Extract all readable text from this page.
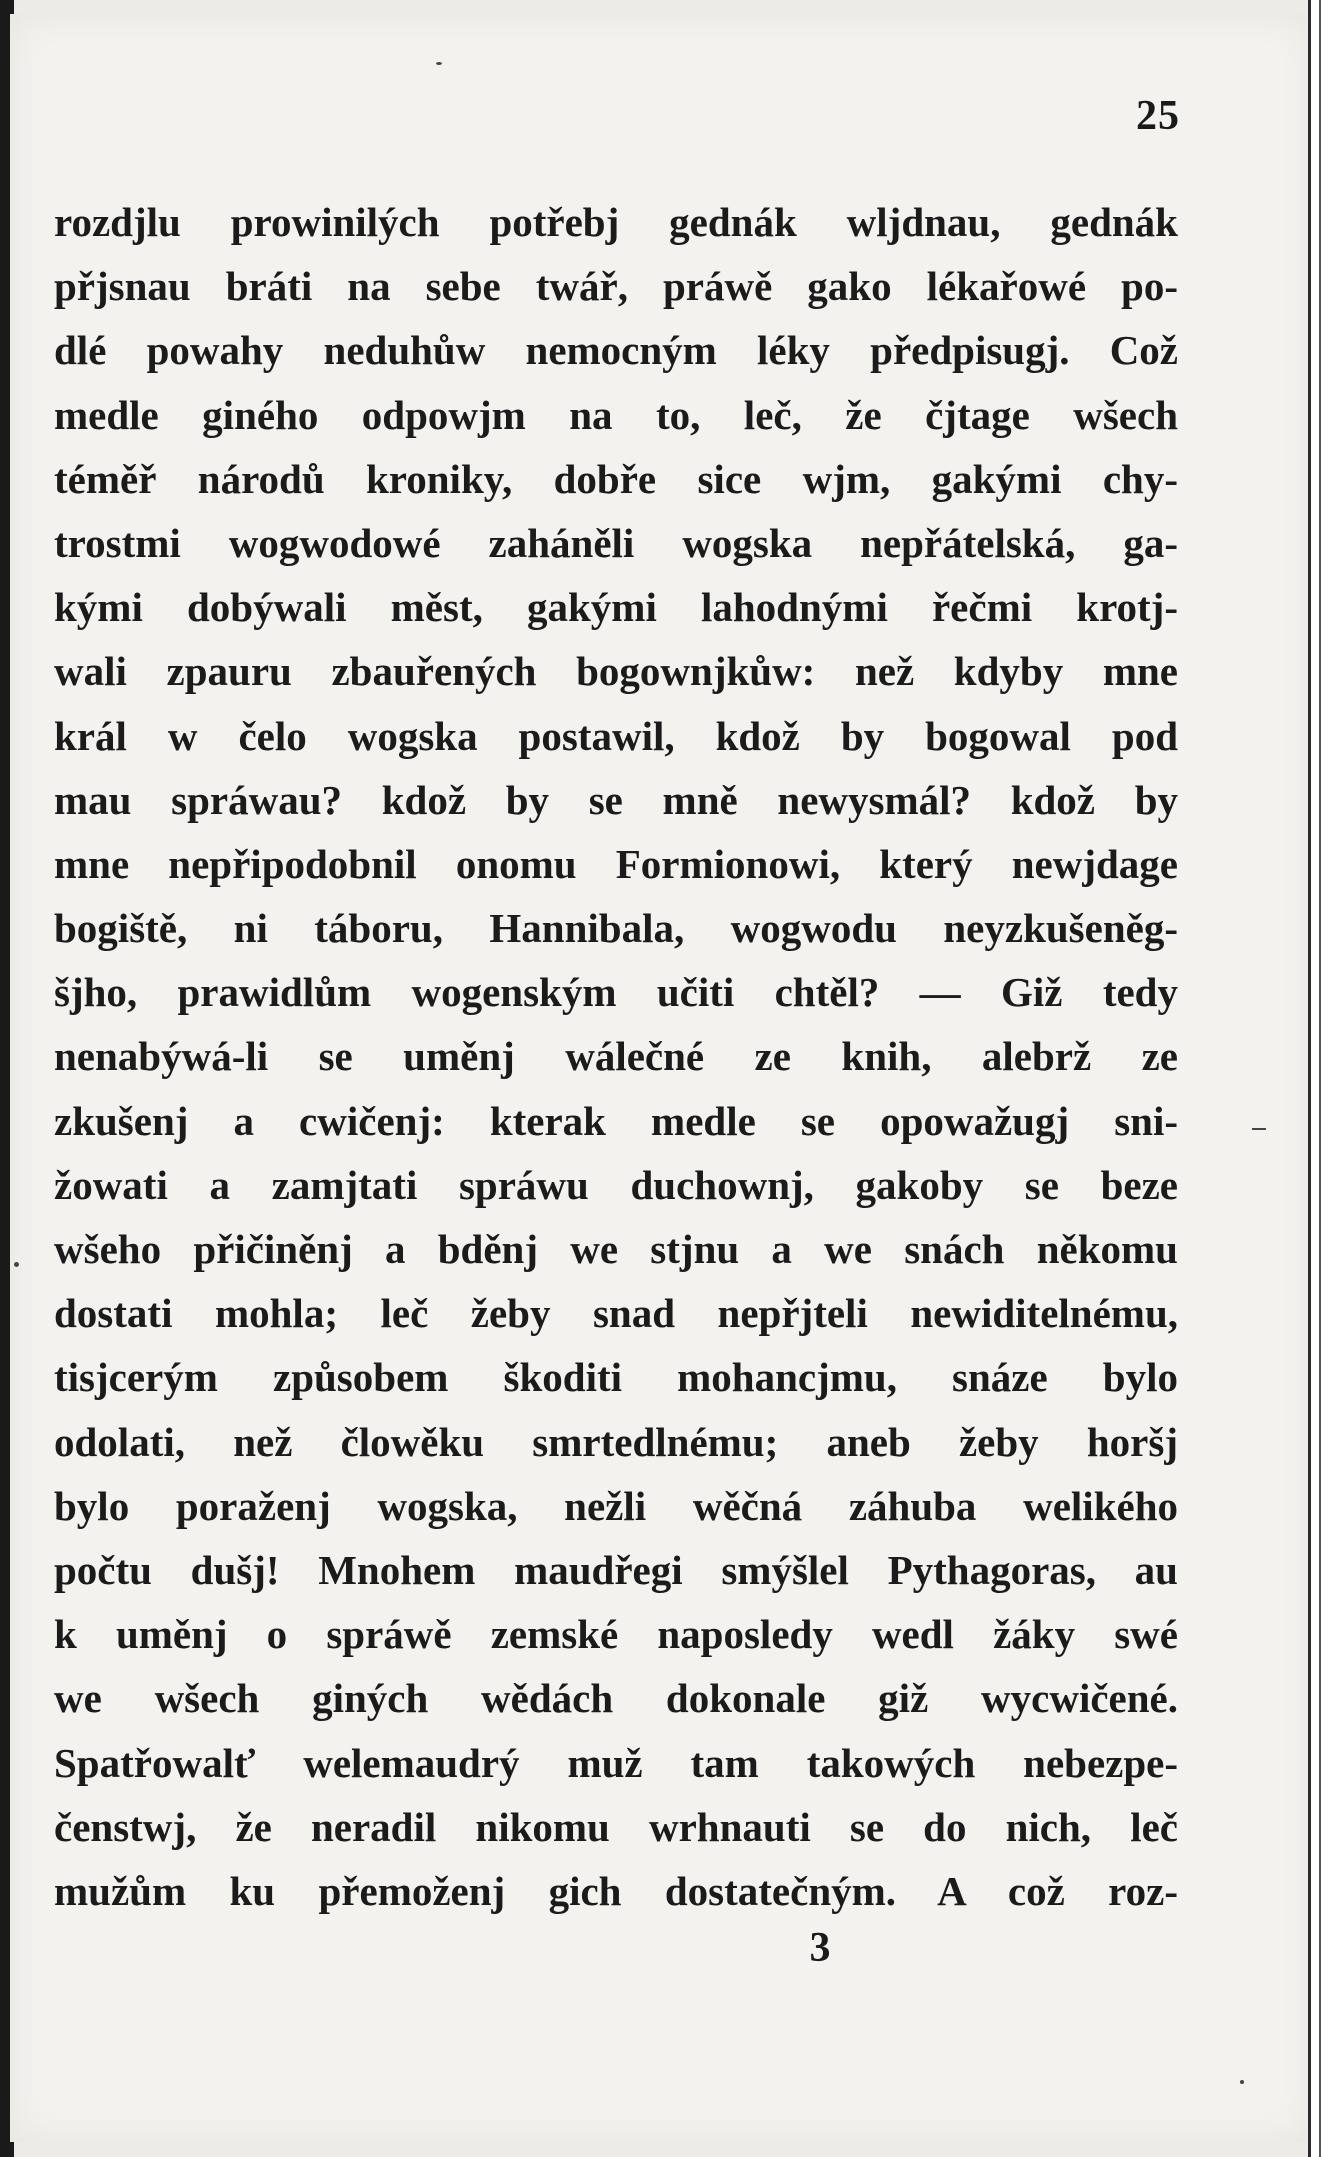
25
rozdjlu prowinilých potřebj gednák wljdnau, gednák
přjsnau bráti na sebe twář, práwě gako lékařowé po-
dlé powahy neduhůw nemocným léky předpisugj. Což
medle giného odpowjm na to, leč, že čjtage wšech
téměř národů kroniky, dobře sice wjm, gakými chy-
trostmi wogwodowé zaháněli wogska nepřátelská, ga-
kými dobýwali měst, gakými lahodnými řečmi krotj-
wali zpauru zbauřených bogownjkůw: než kdyby mne
král w čelo wogska postawil, kdož by bogowal pod
mau spráwau? kdož by se mně newysmál? kdož by
mne nepřipodobnil onomu Formionowi, který newjdage
bogiště, ni táboru, Hannibala, wogwodu neyzkušeněg-
šjho, prawidlům wogenským učiti chtěl? — Giž tedy
nenabýwá-li se uměnj wálečné ze knih, alebrž ze
zkušenj a cwičenj: kterak medle se opowažugj sni-
žowati a zamjtati spráwu duchownj, gakoby se beze
wšeho přičiněnj a bděnj we stjnu a we snách někomu
dostati mohla; leč žeby snad nepřjteli newiditelnému,
tisjcerým způsobem škoditi mohancjmu, snáze bylo
odolati, než člowěku smrtedlnému; aneb žeby horšj
bylo poraženj wogska, nežli wěčná záhuba welikého
počtu dušj! Mnohem maudřegi smýšlel Pythagoras, au
k uměnj o spráwě zemské naposledy wedl žáky swé
we wšech giných wědách dokonale giž wycwičené.
Spatřowalť welemaudrý muž tam takowých nebezpe-
čenstwj, že neradil nikomu wrhnauti se do nich, leč
mužům ku přemoženj gich dostatečným. A což roz-
3
